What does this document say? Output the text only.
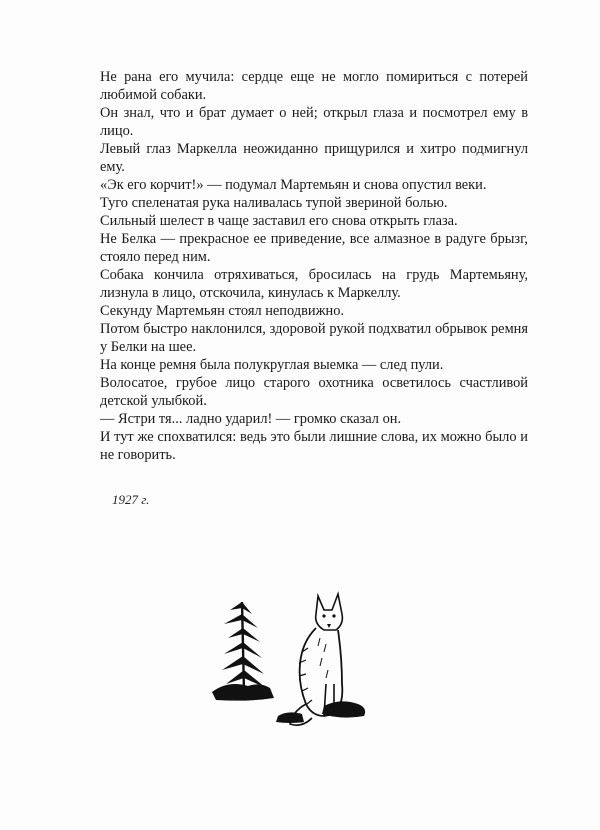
Не рана его мучила: сердце еще не могло помириться с потерей любимой собаки.

Он знал, что и брат думает о ней; открыл глаза и посмотрел ему в лицо.

Левый глаз Маркелла неожиданно прищурился и хитро подмигнул ему.

«Эк его корчит!» — подумал Мартемьян и снова опустил веки.

Туго спеленатая рука наливалась тупой звериной болью.

Сильный шелест в чаще заставил его снова открыть глаза.

Не Белка — прекрасное ее приведение, все алмазное в радуге брызг, стояло перед ним.

Собака кончила отряхиваться, бросилась на грудь Мартемьяну, лизнула в лицо, отскочила, кинулась к Маркеллу.

Секунду Мартемьян стоял неподвижно.

Потом быстро наклонился, здоровой рукой подхватил обрывок ремня у Белки на шее.

На конце ремня была полукруглая выемка — след пули.

Волосатое, грубое лицо старого охотника осветилось счастливой детской улыбкой.

— Ястри тя... ладно ударил! — громко сказал он.

И тут же спохватился: ведь это были лишние слова, их можно было и не говорить.

1927 г.
